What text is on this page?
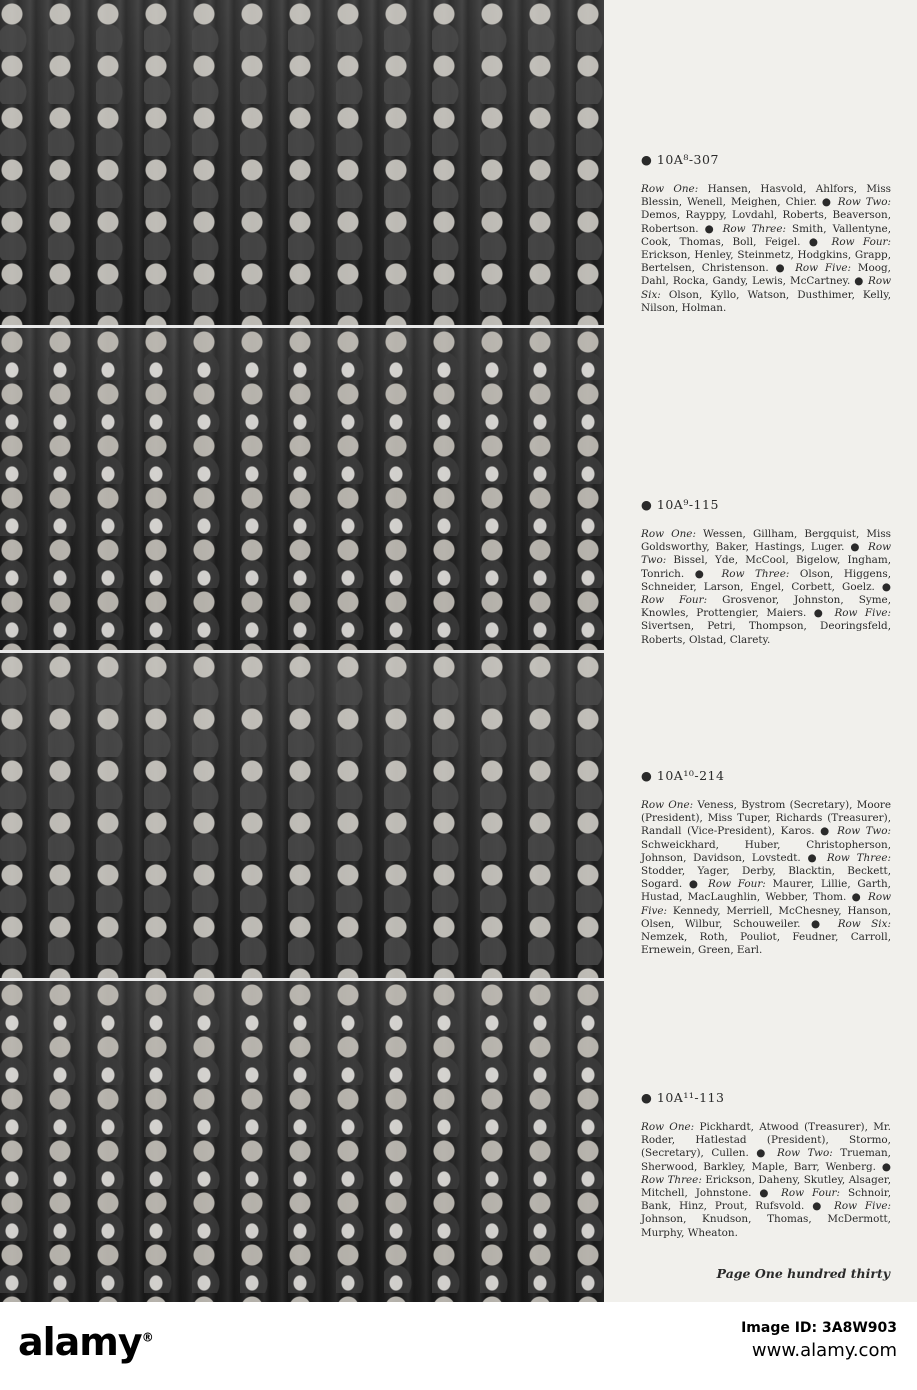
● 10A⁸-307

Row One: Hansen, Hasvold, Ahlfors, Miss Blessin, Wenell, Meighen, Chier. ● Row Two: Demos, Rayppy, Lovdahl, Roberts, Beaverson, Robertson. ● Row Three: Smith, Vallentyne, Cook, Thomas, Boll, Feigel. ● Row Four: Erickson, Henley, Steinmetz, Hodgkins, Grapp, Bertelsen, Christenson. ● Row Five: Moog, Dahl, Rocka, Gandy, Lewis, McCartney. ● Row Six: Olson, Kyllo, Watson, Dusthimer, Kelly, Nilson, Holman.

● 10A⁹-115

Row One: Wessen, Gillham, Bergquist, Miss Goldsworthy, Baker, Hastings, Luger. ● Row Two: Bissel, Yde, McCool, Bigelow, Ingham, Tonrich. ● Row Three: Olson, Higgens, Schneider, Larson, Engel, Corbett, Goelz. ● Row Four: Grosvenor, Johnston, Syme, Knowles, Prottengier, Maiers. ● Row Five: Sivertsen, Petri, Thompson, Deoringsfeld, Roberts, Olstad, Clarety.

● 10A¹⁰-214

Row One: Veness, Bystrom (Secretary), Moore (President), Miss Tuper, Richards (Treasurer), Randall (Vice-President), Karos. ● Row Two: Schweickhard, Huber, Christopherson, Johnson, Davidson, Lovstedt. ● Row Three: Stodder, Yager, Derby, Blacktin, Beckett, Sogard. ● Row Four: Maurer, Lillie, Garth, Hustad, MacLaughlin, Webber, Thom. ● Row Five: Kennedy, Merriell, McChesney, Hanson, Olsen, Wilbur, Schouweiler. ● Row Six: Nemzek, Roth, Pouliot, Feudner, Carroll, Ernewein, Green, Earl.

● 10A¹¹-113

Row One: Pickhardt, Atwood (Treasurer), Mr. Roder, Hatlestad (President), Stormo, (Secretary), Cullen. ● Row Two: Trueman, Sherwood, Barkley, Maple, Barr, Wenberg. ● Row Three: Erickson, Daheny, Skutley, Alsager, Mitchell, Johnstone. ● Row Four: Schnoir, Bank, Hinz, Prout, Rufsvold. ● Row Five: Johnson, Knudson, Thomas, McDermott, Murphy, Wheaton.

Page One hundred thirty
alamy®
Image ID: 3A8W903
www.alamy.com
